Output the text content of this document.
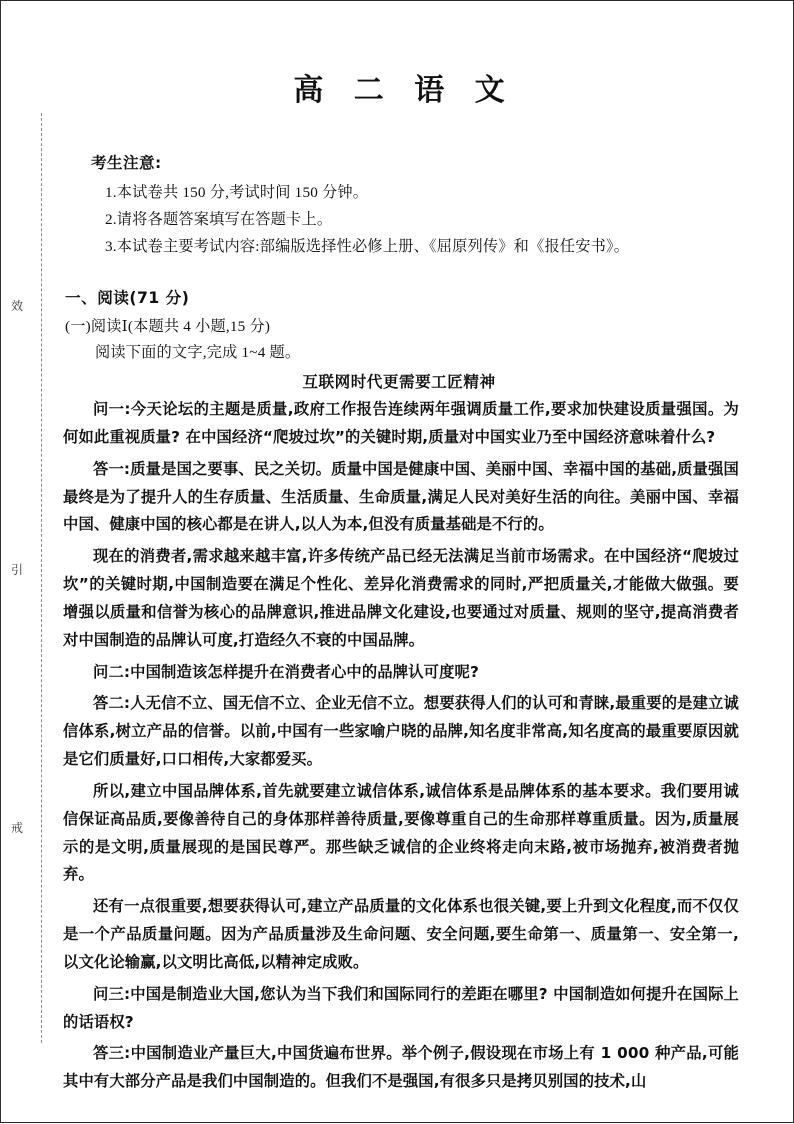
效
引
戒
高 二 语 文
考生注意:
1.本试卷共 150 分,考试时间 150 分钟。
2.请将各题答案填写在答题卡上。
3.本试卷主要考试内容:部编版选择性必修上册、《屈原列传》和《报任安书》。
一、阅读(71 分)
(一)阅读Ⅰ(本题共 4 小题,15 分)
阅读下面的文字,完成 1~4 题。
互联网时代更需要工匠精神

问一:今天论坛的主题是质量,政府工作报告连续两年强调质量工作,要求加快建设质量强国。为何如此重视质量? 在中国经济“爬坡过坎”的关键时期,质量对中国实业乃至中国经济意味着什么?

答一:质量是国之要事、民之关切。质量中国是健康中国、美丽中国、幸福中国的基础,质量强国最终是为了提升人的生存质量、生活质量、生命质量,满足人民对美好生活的向往。美丽中国、幸福中国、健康中国的核心都是在讲人,以人为本,但没有质量基础是不行的。

现在的消费者,需求越来越丰富,许多传统产品已经无法满足当前市场需求。在中国经济“爬坡过坎”的关键时期,中国制造要在满足个性化、差异化消费需求的同时,严把质量关,才能做大做强。要增强以质量和信誉为核心的品牌意识,推进品牌文化建设,也要通过对质量、规则的坚守,提高消费者对中国制造的品牌认可度,打造经久不衰的中国品牌。

问二:中国制造该怎样提升在消费者心中的品牌认可度呢?

答二:人无信不立、国无信不立、企业无信不立。想要获得人们的认可和青睐,最重要的是建立诚信体系,树立产品的信誉。以前,中国有一些家喻户晓的品牌,知名度非常高,知名度高的最重要原因就是它们质量好,口口相传,大家都爱买。

所以,建立中国品牌体系,首先就要建立诚信体系,诚信体系是品牌体系的基本要求。我们要用诚信保证高品质,要像善待自己的身体那样善待质量,要像尊重自己的生命那样尊重质量。因为,质量展示的是文明,质量展现的是国民尊严。那些缺乏诚信的企业终将走向末路,被市场抛弃,被消费者抛弃。

还有一点很重要,想要获得认可,建立产品质量的文化体系也很关键,要上升到文化程度,而不仅仅是一个产品质量问题。因为产品质量涉及生命问题、安全问题,要生命第一、质量第一、安全第一,以文化论输赢,以文明比高低,以精神定成败。

问三:中国是制造业大国,您认为当下我们和国际同行的差距在哪里? 中国制造如何提升在国际上的话语权?

答三:中国制造业产量巨大,中国货遍布世界。举个例子,假设现在市场上有 1 000 种产品,可能其中有大部分产品是我们中国制造的。但我们不是强国,有很多只是拷贝别国的技术,山
